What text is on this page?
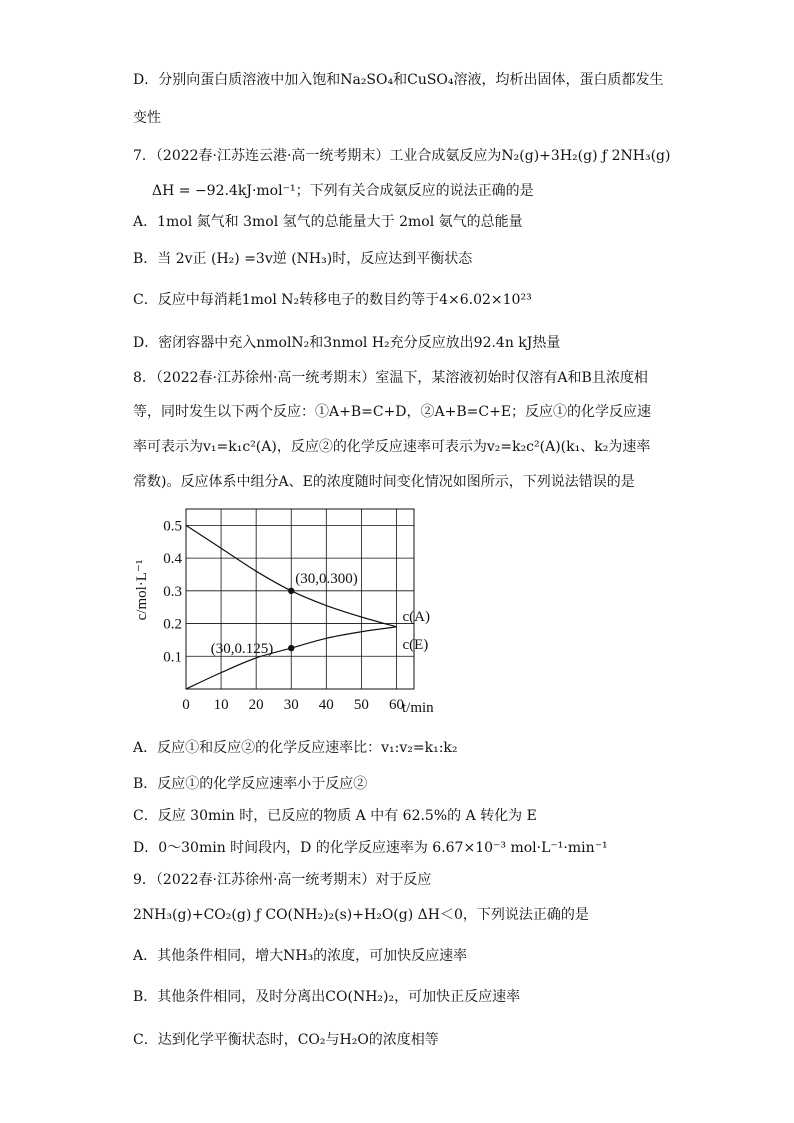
D．分别向蛋白质溶液中加入饱和Na₂SO₄和CuSO₄溶液，均析出固体，蛋白质都发生
变性
7．（2022春·江苏连云港·高一统考期末）工业合成氨反应为N₂(g)+3H₂(g) ƒ 2NH₃(g)
ΔH = −92.4kJ·mol⁻¹；下列有关合成氨反应的说法正确的是
A．1mol 氮气和 3mol 氢气的总能量大于 2mol 氨气的总能量
B．当 2v正 (H₂) =3v逆 (NH₃)时，反应达到平衡状态
C．反应中每消耗1mol N₂转移电子的数目约等于4×6.02×10²³
D．密闭容器中充入nmolN₂和3nmol H₂充分反应放出92.4n kJ热量
8．（2022春·江苏徐州·高一统考期末）室温下，某溶液初始时仅溶有A和B且浓度相
等，同时发生以下两个反应：①A+B=C+D，②A+B=C+E；反应①的化学反应速
率可表示为v₁=k₁c²(A)，反应②的化学反应速率可表示为v₂=k₂c²(A)(k₁、k₂为速率
常数)。反应体系中组分A、E的浓度随时间变化情况如图所示，下列说法错误的是
A．反应①和反应②的化学反应速率比：v₁:v₂=k₁:k₂
B．反应①的化学反应速率小于反应②
C．反应 30min 时，已反应的物质 A 中有 62.5%的 A 转化为 E
D．0～30min 时间段内，D 的化学反应速率为 6.67×10⁻³ mol·L⁻¹·min⁻¹
9．（2022春·江苏徐州·高一统考期末）对于反应
2NH₃(g)+CO₂(g) ƒ CO(NH₂)₂(s)+H₂O(g) ΔH＜0，下列说法正确的是
A．其他条件相同，增大NH₃的浓度，可加快反应速率
B．其他条件相同，及时分离出CO(NH₂)₂，可加快正反应速率
C．达到化学平衡状态时，CO₂与H₂O的浓度相等
0 10 20 30 40 50 60
0.1
0.2
0.3
0.4
0.5
c(A)
c(E)
(30,0.300)
(30,0.125)
c/mol·L⁻¹
t/min
